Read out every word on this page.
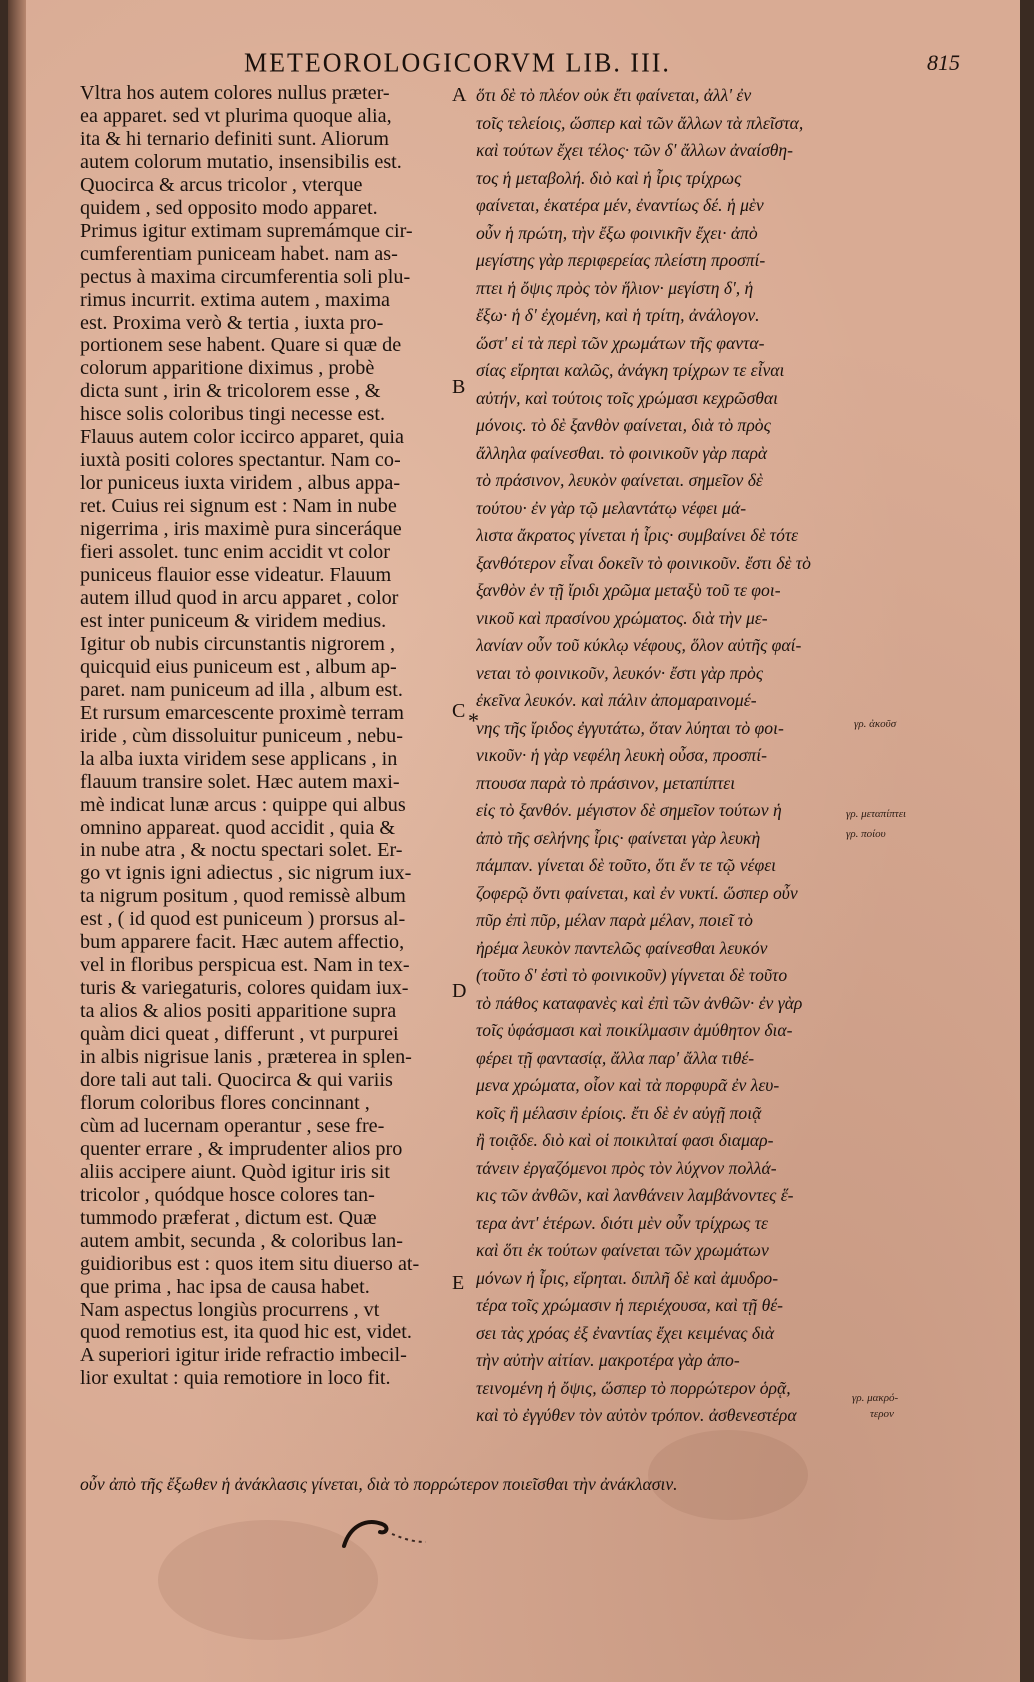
METEOROLOGICORVM LIB. III.	815
Vltra hos autem colores nullus præter-
ea apparet. sed vt plurima quoque alia,
ita & hi ternario definiti sunt. Aliorum
autem colorum mutatio, insensibilis est.
Quocirca & arcus tricolor , vterque
quidem , sed opposito modo apparet.
Primus igitur extimam supremámque cir-
cumferentiam puniceam habet. nam as-
pectus à maxima circumferentia soli plu-
rimus incurrit. extima autem , maxima
est. Proxima verò & tertia , iuxta pro-
portionem sese habent. Quare si quæ de
colorum apparitione diximus , probè
dicta sunt , irin & tricolorem esse , &
hisce solis coloribus tingi necesse est.
Flauus autem color iccirco apparet, quia
iuxtà positi colores spectantur. Nam co-
lor puniceus iuxta viridem , albus appa-
ret. Cuius rei signum est : Nam in nube
nigerrima , iris maximè pura sinceráque
fieri assolet. tunc enim accidit vt color
puniceus flauior esse videatur. Flauum
autem illud quod in arcu apparet , color
est inter puniceum & viridem medius.
Igitur ob nubis circunstantis nigrorem ,
quicquid eius puniceum est , album ap-
paret. nam puniceum ad illa , album est.
Et rursum emarcescente proximè terram
iride , cùm dissoluitur puniceum , nebu-
la alba iuxta viridem sese applicans , in
flauum transire solet. Hæc autem maxi-
mè indicat lunæ arcus : quippe qui albus
omnino appareat. quod accidit , quia &
in nube atra , & noctu spectari solet. Er-
go vt ignis igni adiectus , sic nigrum iux-
ta nigrum positum , quod remissè album
est , ( id quod est puniceum ) prorsus al-
bum apparere facit. Hæc autem affectio,
vel in floribus perspicua est. Nam in tex-
turis & variegaturis, colores quidam iux-
ta alios & alios positi apparitione supra
quàm dici queat , differunt , vt purpurei
in albis nigrisue lanis , præterea in splen-
dore tali aut tali. Quocirca & qui variis
florum coloribus flores concinnant ,
cùm ad lucernam operantur , sese fre-
quenter errare , & imprudenter alios pro
aliis accipere aiunt. Quòd igitur iris sit
tricolor , quódque hosce colores tan-
tummodo præferat , dictum est. Quæ
autem ambit, secunda , & coloribus lan-
guidioribus est : quos item situ diuerso at-
que prima , hac ipsa de causa habet.
Nam aspectus longiùs procurrens , vt
quod remotius est, ita quod hic est, videt.
A superiori igitur iride refractio imbecil-
lior exultat : quia remotiore in loco fit.
ὅτι δὲ τὸ πλέον οὐκ ἔτι φαίνεται, ἀλλ' ἐν
τοῖς τελείοις, ὥσπερ καὶ τῶν ἄλλων τὰ πλεῖστα,
καὶ τούτων ἔχει τέλος· τῶν δ' ἄλλων ἀναίσθη-
τος ἡ μεταβολή. διὸ καὶ ἡ ἶρις τρίχρως
φαίνεται, ἑκατέρα μέν, ἐναντίως δέ. ἡ μὲν
οὖν ἡ πρώτη, τὴν ἔξω φοινικῆν ἔχει· ἀπὸ
μεγίστης γὰρ περιφερείας πλείστη προσπί-
πτει ἡ ὄψις πρὸς τὸν ἥλιον· μεγίστη δ', ἡ
ἔξω· ἡ δ' ἐχομένη, καὶ ἡ τρίτη, ἀνάλογον.
ὥστ' εἰ τὰ περὶ τῶν χρωμάτων τῆς φαντα-
σίας εἴρηται καλῶς, ἀνάγκη τρίχρων τε εἶναι
αὐτήν, καὶ τούτοις τοῖς χρώμασι κεχρῶσθαι
μόνοις. τὸ δὲ ξανθὸν φαίνεται, διὰ τὸ πρὸς
ἄλληλα φαίνεσθαι. τὸ φοινικοῦν γὰρ παρὰ
τὸ πράσινον, λευκὸν φαίνεται. σημεῖον δὲ
τούτου· ἐν γὰρ τῷ μελαντάτῳ νέφει μά-
λιστα ἄκρατος γίνεται ἡ ἶρις· συμβαίνει δὲ τότε
ξανθότερον εἶναι δοκεῖν τὸ φοινικοῦν. ἔστι δὲ τὸ
ξανθὸν ἐν τῇ ἴριδι χρῶμα μεταξὺ τοῦ τε φοι-
νικοῦ καὶ πρασίνου χρώματος. διὰ τὴν με-
λανίαν οὖν τοῦ κύκλῳ νέφους, ὅλον αὐτῆς φαί-
νεται τὸ φοινικοῦν, λευκόν· ἔστι γὰρ πρὸς
ἐκεῖνα λευκόν. καὶ πάλιν ἀπομαραινομέ-
νης τῆς ἴριδος ἐγγυτάτω, ὅταν λύηται τὸ φοι-
νικοῦν· ἡ γὰρ νεφέλη λευκὴ οὖσα, προσπί-
πτουσα παρὰ τὸ πράσινον, μεταπίπτει
εἰς τὸ ξανθόν. μέγιστον δὲ σημεῖον τούτων ἡ
ἀπὸ τῆς σελήνης ἶρις· φαίνεται γὰρ λευκὴ
πάμπαν. γίνεται δὲ τοῦτο, ὅτι ἔν τε τῷ νέφει
ζοφερῷ ὄντι φαίνεται, καὶ ἐν νυκτί. ὥσπερ οὖν
πῦρ ἐπὶ πῦρ, μέλαν παρὰ μέλαν, ποιεῖ τὸ
ἠρέμα λευκὸν παντελῶς φαίνεσθαι λευκόν
(τοῦτο δ' ἐστὶ τὸ φοινικοῦν) γίγνεται δὲ τοῦτο
τὸ πάθος καταφανὲς καὶ ἐπὶ τῶν ἀνθῶν· ἐν γὰρ
τοῖς ὑφάσμασι καὶ ποικίλμασιν ἀμύθητον δια-
φέρει τῇ φαντασίᾳ, ἄλλα παρ' ἄλλα τιθέ-
μενα χρώματα, οἷον καὶ τὰ πορφυρᾶ ἐν λευ-
κοῖς ἢ μέλασιν ἐρίοις. ἔτι δὲ ἐν αὐγῇ ποιᾷ
ἢ τοιᾷδε. διὸ καὶ οἱ ποικιλταί φασι διαμαρ-
τάνειν ἐργαζόμενοι πρὸς τὸν λύχνον πολλά-
κις τῶν ἀνθῶν, καὶ λανθάνειν λαμβάνοντες ἕ-
τερα ἀντ' ἑτέρων. διότι μὲν οὖν τρίχρως τε
καὶ ὅτι ἐκ τούτων φαίνεται τῶν χρωμάτων
μόνων ἡ ἶρις, εἴρηται. διπλῆ δὲ καὶ ἀμυδρο-
τέρα τοῖς χρώμασιν ἡ περιέχουσα, καὶ τῇ θέ-
σει τὰς χρόας ἐξ ἐναντίας ἔχει κειμένας διὰ
τὴν αὐτὴν αἰτίαν. μακροτέρα γὰρ ἀπο-
τεινομένη ἡ ὄψις, ὥσπερ τὸ πορρώτερον ὁρᾷ,
καὶ τὸ ἐγγύθεν τὸν αὐτὸν τρόπον. ἀσθενεστέρα
οὖν ἀπὸ τῆς ἔξωθεν ἡ ἀνάκλασις γίνεται, διὰ τὸ πορρώτερον ποιεῖσθαι τὴν ἀνάκλασιν.
A
B
C
D
E
*	γρ. ἀκοῦσ
γρ. μεταπίπτει
γρ. ποίου
γρ. μακρό-
τερον
